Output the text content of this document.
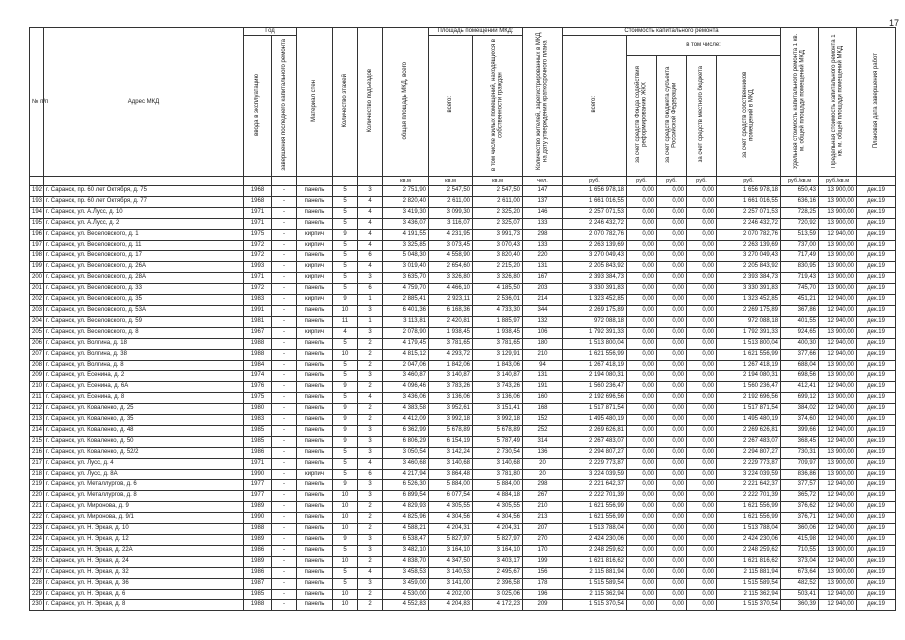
17
№ п/п	Адрес МКД	Год		Материал стен	Количество этажей	Количество подъездов	общая площадь МКД, всего	Площадь помещений МКД:		Количество жителей, зарегистрированных в МКД на дату утверждения краткосрочного плана	Стоимость капитального ремонта					Удельная стоимость капитального ремонта 1 кв. м. общей площади помещений МКД	Предельная стоимость капитального ремонта 1 кв. м. общей площади помещений МКД	Плановая дата завершения работ
		ввода в эксплуатацию	завершения последнего капитального ремонта					всего:	в том числе жилых помещений, находящихся в собственности граждан		всего:	в том числе:						
												за счет средств Фонда содействия реформированию ЖКХ	за счет средств бюджета субъекта Российской Федерации	за счет средств местного бюджета	за счет средств собственников помещений в МКД			
							кв.м	кв.м	кв.м	чел.	руб.	руб.	руб.	руб.	руб.	руб./кв.м	руб./кв.м	
192	г. Саранск, пр. 60 лет Октября, д. 75	1968	-	панель	5	3	2 751,90	2 547,50	2 547,50	147	1 656 978,18	0,00	0,00	0,00	1 656 978,18	650,43	13 900,00	дек.19
193	г. Саранск, пр. 60 лет Октября, д. 77	1968	-	панель	5	4	2 820,40	2 611,00	2 611,00	137	1 661 016,55	0,00	0,00	0,00	1 661 016,55	636,16	13 900,00	дек.19
194	г. Саранск, ул. А.Лусс, д. 10	1971	-	панель	5	4	3 419,30	3 099,30	2 325,20	146	2 257 071,53	0,00	0,00	0,00	2 257 071,53	728,25	13 900,00	дек.19
195	г. Саранск, ул. А.Лусс, д. 2	1971	-	панель	5	4	3 436,07	3 116,07	2 325,07	133	2 246 432,72	0,00	0,00	0,00	2 246 432,72	720,92	13 900,00	дек.19
196	г. Саранск, ул. Веселовского, д. 1	1975	-	кирпич	9	4	4 191,55	4 231,95	3 991,73	298	2 070 782,76	0,00	0,00	0,00	2 070 782,76	513,59	12 940,00	дек.19
197	г. Саранск, ул. Веселовского, д. 11	1972	-	кирпич	5	4	3 325,85	3 073,45	3 070,43	133	2 263 139,69	0,00	0,00	0,00	2 263 139,69	737,00	13 900,00	дек.19
198	г. Саранск, ул. Веселовского, д. 17	1972	-	панель	5	6	5 048,30	4 558,90	3 820,40	220	3 270 049,43	0,00	0,00	0,00	3 270 049,43	717,49	13 900,00	дек.19
199	г. Саранск, ул. Веселовского, д. 26А	1993	-	кирпич	5	4	3 019,40	2 654,60	2 215,20	131	2 205 843,92	0,00	0,00	0,00	2 205 843,92	830,95	13 900,00	дек.19
200	г. Саранск, ул. Веселовского, д. 28А	1971	-	кирпич	5	3	3 635,70	3 326,80	3 326,80	167	2 393 384,73	0,00	0,00	0,00	2 393 384,73	719,43	13 900,00	дек.19
201	г. Саранск, ул. Веселовского, д. 33	1972	-	панель	5	6	4 759,70	4 466,10	4 185,50	203	3 330 391,83	0,00	0,00	0,00	3 330 391,83	745,70	13 900,00	дек.19
202	г. Саранск, ул. Веселовского, д. 35	1983	-	кирпич	9	1	2 885,41	2 923,11	2 536,01	214	1 323 452,85	0,00	0,00	0,00	1 323 452,85	451,21	12 940,00	дек.19
203	г. Саранск, ул. Веселовского, д. 53А	1991	-	панель	10	3	6 401,36	6 168,36	4 733,30	344	2 269 175,89	0,00	0,00	0,00	2 269 175,89	367,86	12 940,00	дек.19
204	г. Саранск, ул. Веселовского, д. 59	1981	-	панель	11	1	3 113,81	2 420,81	1 885,97	132	972 088,18	0,00	0,00	0,00	972 088,18	401,55	12 940,00	дек.19
205	г. Саранск, ул. Веселовского, д. 8	1967	-	кирпич	4	3	2 078,90	1 938,45	1 938,45	106	1 792 391,33	0,00	0,00	0,00	1 792 391,33	924,65	13 900,00	дек.19
206	г. Саранск, ул. Волгина, д. 18	1988	-	панель	5	2	4 179,45	3 781,65	3 781,65	180	1 513 800,04	0,00	0,00	0,00	1 513 800,04	400,30	12 940,00	дек.19
207	г. Саранск, ул. Волгина, д. 38	1988	-	панель	10	2	4 815,12	4 293,72	3 129,91	210	1 621 556,99	0,00	0,00	0,00	1 621 556,99	377,66	12 940,00	дек.19
208	г. Саранск, ул. Волгина, д. 8	1984	-	панель	5	2	2 047,06	1 842,06	1 843,06	94	1 267 418,19	0,00	0,00	0,00	1 267 418,19	688,04	13 900,00	дек.19
209	г. Саранск, ул. Есенина, д. 2	1974	-	панель	5	3	3 460,87	3 140,87	3 140,87	131	2 194 080,31	0,00	0,00	0,00	2 194 080,31	698,56	13 900,00	дек.19
210	г. Саранск, ул. Есенина, д. 6А	1976	-	панель	9	2	4 096,46	3 783,26	3 743,26	191	1 560 236,47	0,00	0,00	0,00	1 560 236,47	412,41	12 940,00	дек.19
211	г. Саранск, ул. Есенина, д. 8	1975	-	панель	5	4	3 436,06	3 136,06	3 136,06	160	2 192 696,56	0,00	0,00	0,00	2 192 696,56	699,12	13 900,00	дек.19
212	г. Саранск, ул. Коваленко, д. 25	1980	-	панель	9	2	4 383,58	3 952,61	3 151,41	168	1 517 871,54	0,00	0,00	0,00	1 517 871,54	384,02	12 940,00	дек.19
213	г. Саранск, ул. Коваленко, д. 35	1983	-	панель	9	2	4 412,09	3 992,18	3 992,18	152	1 495 480,19	0,00	0,00	0,00	1 495 480,19	374,60	12 940,00	дек.19
214	г. Саранск, ул. Коваленко, д. 48	1985	-	панель	9	3	6 362,99	5 678,89	5 678,89	252	2 269 626,81	0,00	0,00	0,00	2 269 626,81	399,66	12 940,00	дек.19
215	г. Саранск, ул. Коваленко, д. 50	1985	-	панель	9	3	6 806,29	6 154,19	5 787,49	314	2 267 483,07	0,00	0,00	0,00	2 267 483,07	368,45	12 940,00	дек.19
216	г. Саранск, ул. Коваленко, д. 52/2	1986	-	панель	5	3	3 050,54	3 142,24	2 730,54	136	2 294 807,27	0,00	0,00	0,00	2 294 807,27	730,31	13 900,00	дек.19
217	г. Саранск, ул. Лусс, д. 4	1971	-	панель	5	4	3 460,68	3 140,68	3 140,68	20	2 229 773,87	0,00	0,00	0,00	2 229 773,87	709,97	13 900,00	дек.19
218	г. Саранск, ул. Лусс, д. 8А	1990	-	кирпич	5	6	4 217,94	3 864,48	3 781,80	20	3 224 039,59	0,00	0,00	0,00	3 224 039,59	836,86	13 900,00	дек.19
219	г. Саранск, ул. Металлургов, д. 6	1977	-	панель	9	3	6 526,30	5 884,00	5 884,00	298	2 221 642,37	0,00	0,00	0,00	2 221 642,37	377,57	12 940,00	дек.19
220	г. Саранск, ул. Металлургов, д. 8	1977	-	панель	10	3	6 899,54	6 077,54	4 884,18	267	2 222 701,39	0,00	0,00	0,00	2 222 701,39	365,72	12 940,00	дек.19
221	г. Саранск, ул. Миронова, д. 9	1989	-	панель	10	2	4 829,93	4 305,55	4 305,55	210	1 621 556,99	0,00	0,00	0,00	1 621 556,99	376,62	12 940,00	дек.19
222	г. Саранск, ул. Миронова, д. 9/1	1990	-	панель	10	2	4 825,96	4 304,56	4 304,56	213	1 621 556,99	0,00	0,00	0,00	1 621 556,99	376,71	12 940,00	дек.19
223	г. Саранск, ул. Н. Эркая, д. 10	1988	-	панель	10	2	4 588,21	4 204,31	4 204,31	207	1 513 788,04	0,00	0,00	0,00	1 513 788,04	360,06	12 940,00	дек.19
224	г. Саранск, ул. Н. Эркая, д. 12	1989	-	панель	9	3	6 538,47	5 827,97	5 827,97	270	2 424 230,06	0,00	0,00	0,00	2 424 230,06	415,98	12 940,00	дек.19
225	г. Саранск, ул. Н. Эркая, д. 22А	1986	-	панель	5	3	3 482,10	3 164,10	3 164,10	170	2 248 259,62	0,00	0,00	0,00	2 248 259,62	710,55	13 900,00	дек.19
226	г. Саранск, ул. Н. Эркая, д. 24	1989	-	панель	10	2	4 838,70	4 347,50	3 403,17	199	1 621 816,62	0,00	0,00	0,00	1 621 816,62	373,04	12 940,00	дек.19
227	г. Саранск, ул. Н. Эркая, д. 32	1986	-	панель	5	4	3 458,53	3 140,53	2 495,67	156	2 115 881,94	0,00	0,00	0,00	2 115 881,94	673,64	13 900,00	дек.19
228	г. Саранск, ул. Н. Эркая, д. 36	1987	-	панель	5	3	3 459,00	3 141,00	2 396,58	178	1 515 589,54	0,00	0,00	0,00	1 515 589,54	482,52	13 900,00	дек.19
229	г. Саранск, ул. Н. Эркая, д. 6	1985	-	панель	10	2	4 530,00	4 202,00	3 025,06	196	2 115 362,94	0,00	0,00	0,00	2 115 362,94	503,41	12 940,00	дек.19
230	г. Саранск, ул. Н. Эркая, д. 8	1988	-	панель	10	2	4 552,83	4 204,83	4 172,23	209	1 515 370,54	0,00	0,00	0,00	1 515 370,54	360,39	12 940,00	дек.19
